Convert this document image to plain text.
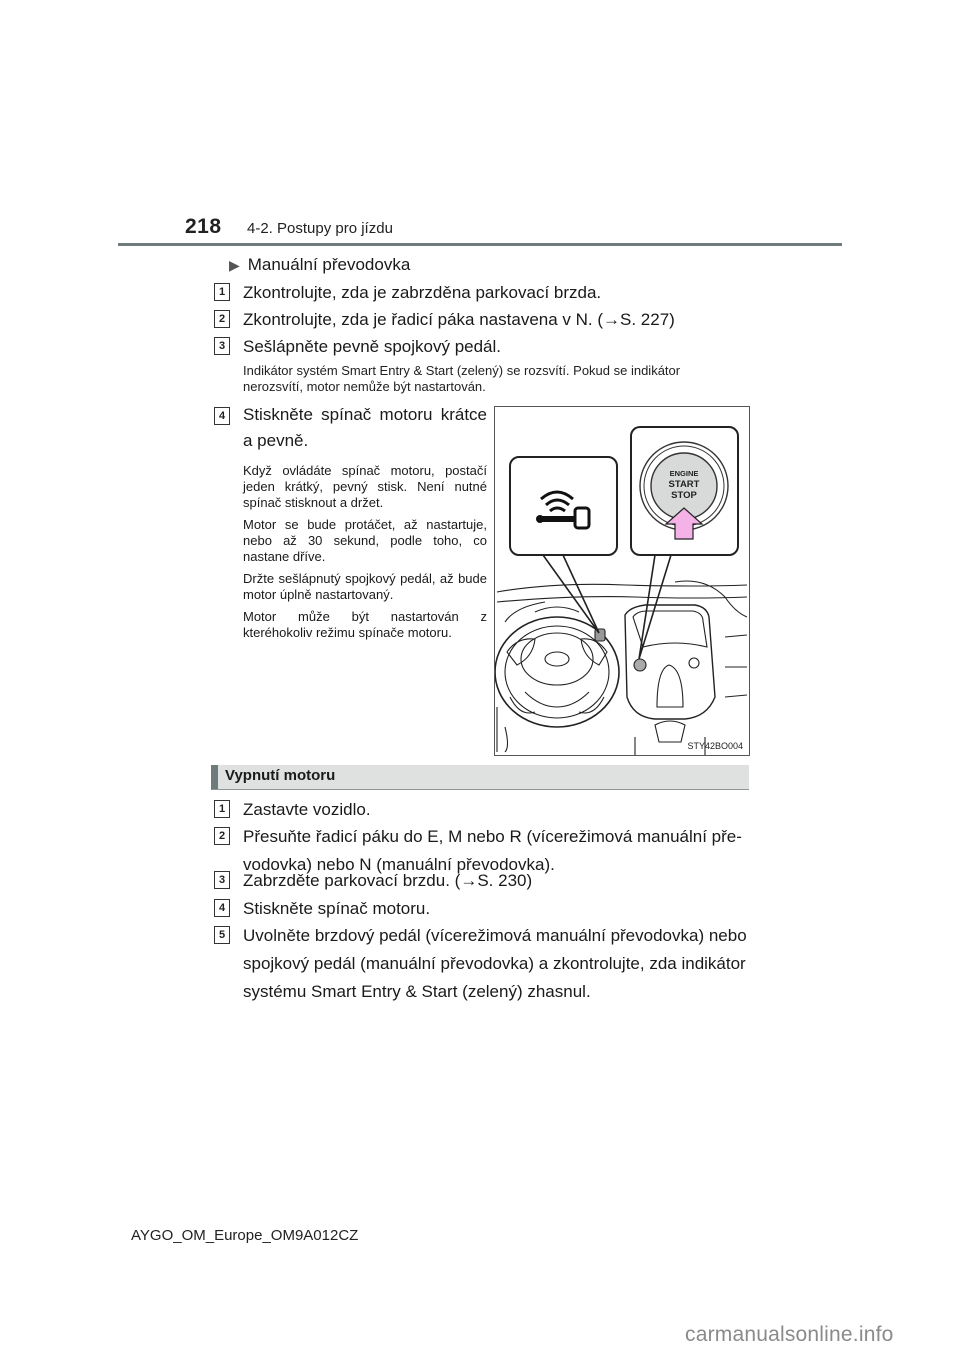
218 4-2. Postupy pro jízdu
▶ Manuální převodovka
1 Zkontrolujte, zda je zabrzděna parkovací brzda.
2 Zkontrolujte, zda je řadicí páka nastavena v N. (→S. 227)
3 Sešlápněte pevně spojkový pedál.
Indikátor systém Smart Entry & Start (zelený) se rozsvítí. Pokud se indikátor
nerozsvítí, motor nemůže být nastartován.
4 Stiskněte spínač motoru krátce a pevně.
Když ovládáte spínač motoru, postačí jeden krátký, pevný stisk. Není nutné spínač stisknout a držet.
Motor se bude protáčet, až nastartuje, nebo až 30 sekund, podle toho, co nastane dříve.
Držte sešlápnutý spojkový pedál, až bude motor úplně nastartovaný.
Motor může být nastartován z kteréhokoliv režimu spínače motoru.
ENGINE
START
STOP
STY42BO004
Vypnutí motoru
1 Zastavte vozidlo.
2 Přesuňte řadicí páku do E, M nebo R (vícerežimová manuální pře-
vodovka) nebo N (manuální převodovka).
3 Zabrzděte parkovací brzdu. (→S. 230)
4 Stiskněte spínač motoru.
5 Uvolněte brzdový pedál (vícerežimová manuální převodovka) nebo
spojkový pedál (manuální převodovka) a zkontrolujte, zda indikátor
systému Smart Entry & Start (zelený) zhasnul.
AYGO_OM_Europe_OM9A012CZ
carmanualsonline.info
